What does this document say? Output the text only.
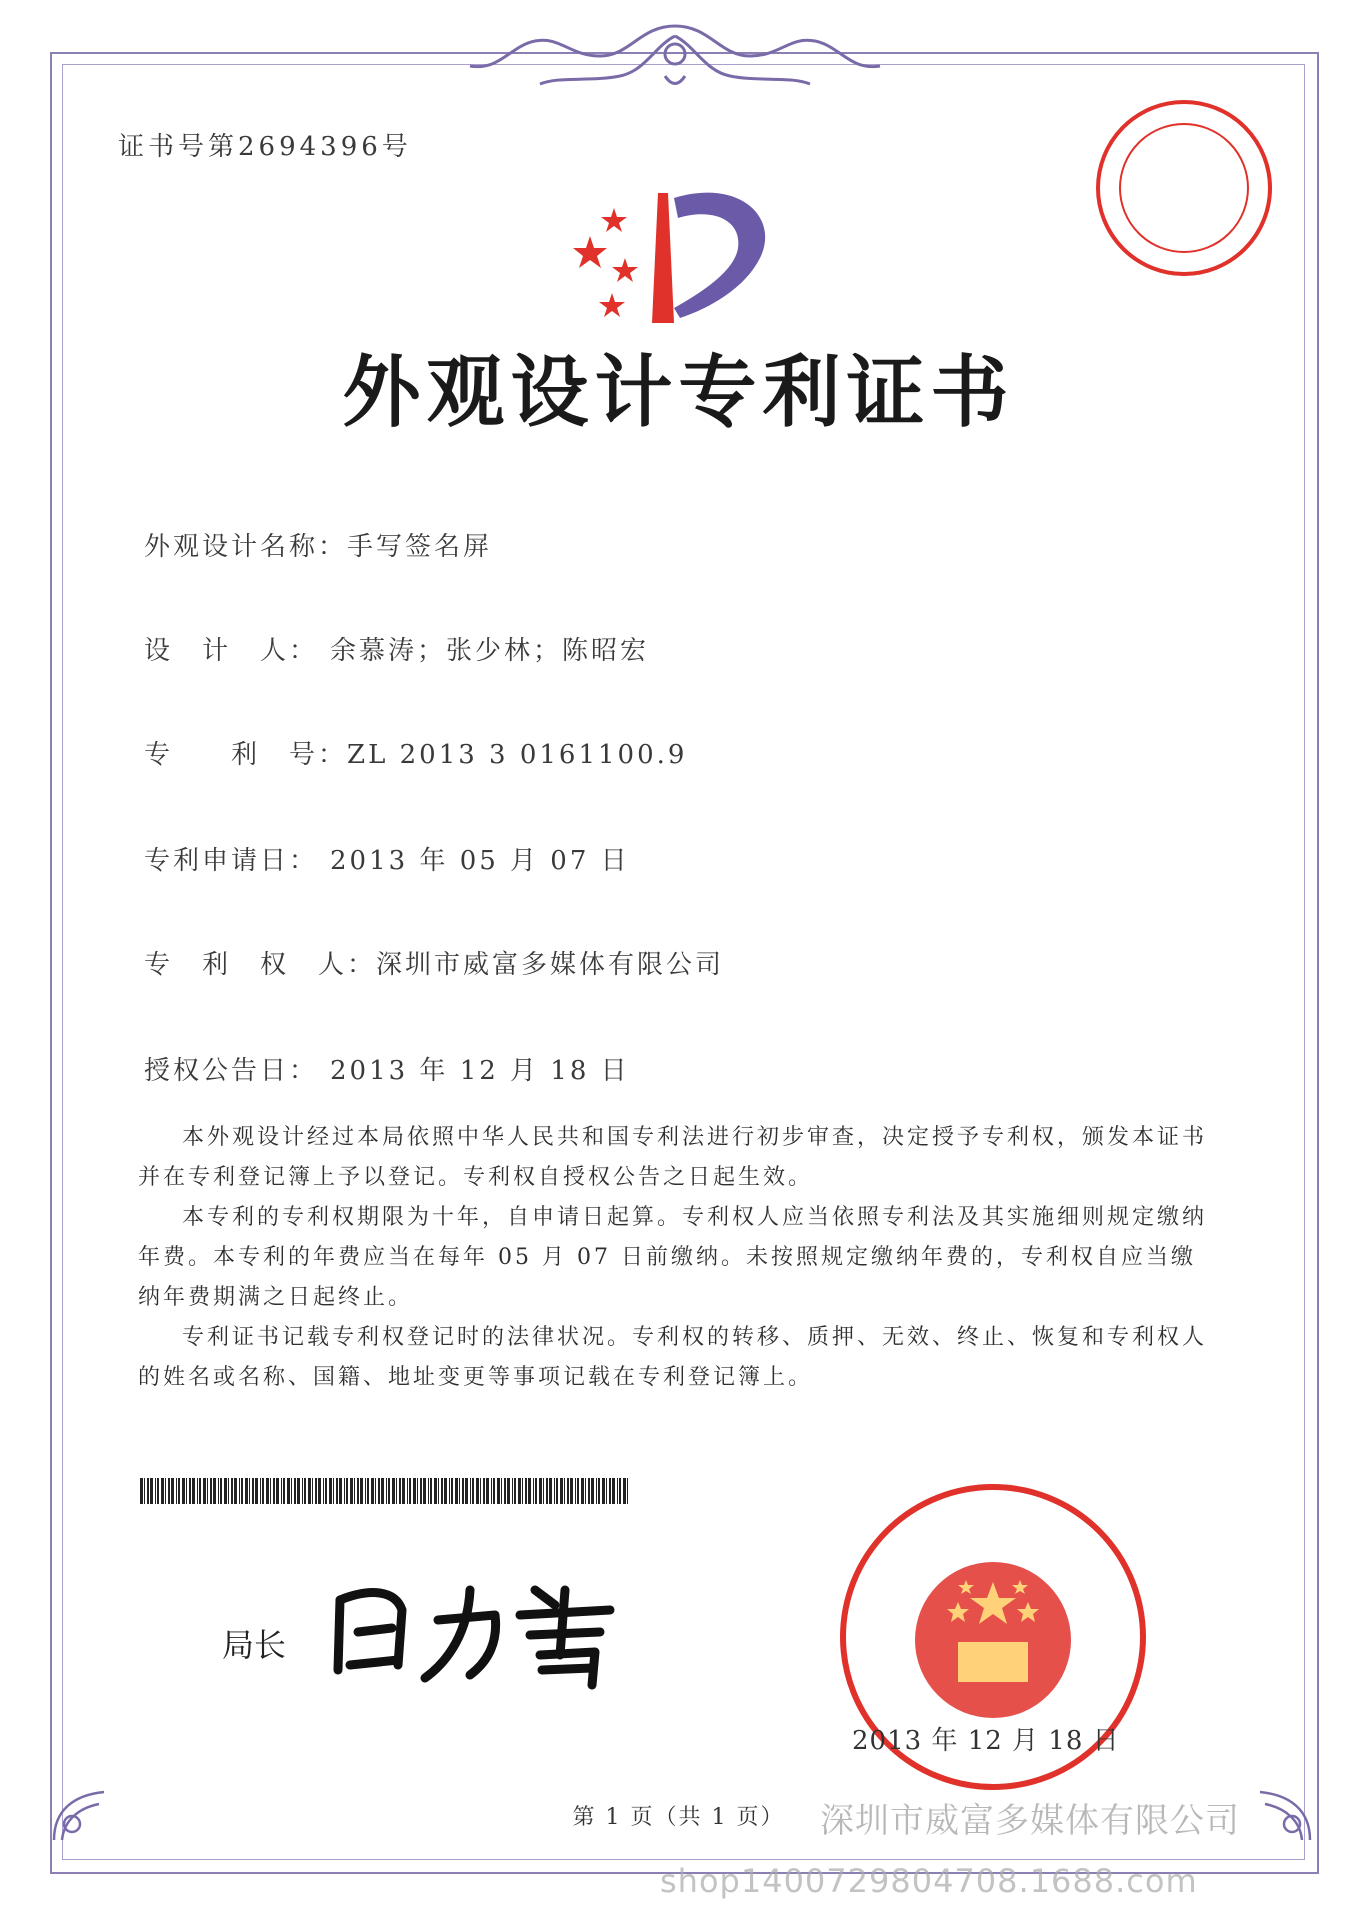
证书号第2694396号
外观设计专利证书
外观设计名称：手写签名屏
设　计　人： 余慕涛；张少林；陈昭宏
专　　利　号：ZL 2013 3 0161100.9
专利申请日： 2013 年 05 月 07 日
专　利　权　人：深圳市威富多媒体有限公司
授权公告日： 2013 年 12 月 18 日

本外观设计经过本局依照中华人民共和国专利法进行初步审查，决定授予专利权，颁发本证书并在专利登记簿上予以登记。专利权自授权公告之日起生效。

本专利的专利权期限为十年，自申请日起算。专利权人应当依照专利法及其实施细则规定缴纳年费。本专利的年费应当在每年 05 月 07 日前缴纳。未按照规定缴纳年费的，专利权自应当缴纳年费期满之日起终止。

专利证书记载专利权登记时的法律状况。专利权的转移、质押、无效、终止、恢复和专利权人的姓名或名称、国籍、地址变更等事项记载在专利登记簿上。

局长
2013 年 12 月 18 日
第 1 页（共 1 页）	深圳市威富多媒体有限公司
shop1400729804708.1688.com
